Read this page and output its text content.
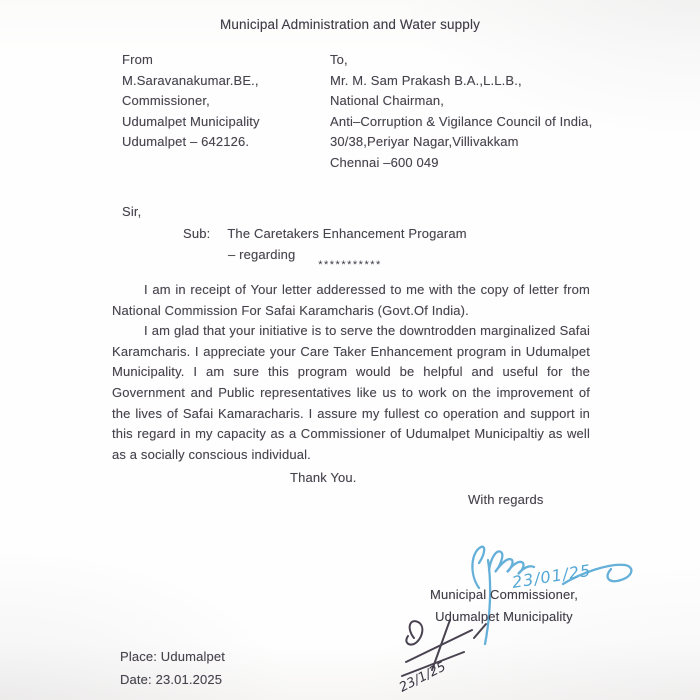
Municipal Administration and Water supply
From
M.Saravanakumar.BE.,
Commissioner,
Udumalpet Municipality
Udumalpet – 642126.
To,
Mr. M. Sam Prakash B.A.,L.L.B.,
National Chairman,
Anti–Corruption & Vigilance Council of India,
30/38,Periyar Nagar,Villivakkam
Chennai –600 049
Sir,
Sub: The Caretakers Enhancement Progaram
– regarding
***********

I am in receipt of Your letter adderessed to me with the copy of letter from National Commission For Safai Karamcharis (Govt.Of India).

I am glad that your initiative is to serve the downtrodden marginalized Safai Karamcharis. I appreciate your Care Taker Enhancement program in Udumalpet Municipality. I am sure this program would be helpful and useful for the Government and Public representatives like us to work on the improvement of the lives of Safai Kamaracharis. I assure my fullest co operation and support in this regard in my capacity as a Commissioner of Udumalpet Municipaltiy as well as a socially conscious individual.

Thank You.
With regards
23/01/25
Municipal Commissioner,
Udumalpet Municipality
23/1/25
Place: Udumalpet
Date: 23.01.2025
